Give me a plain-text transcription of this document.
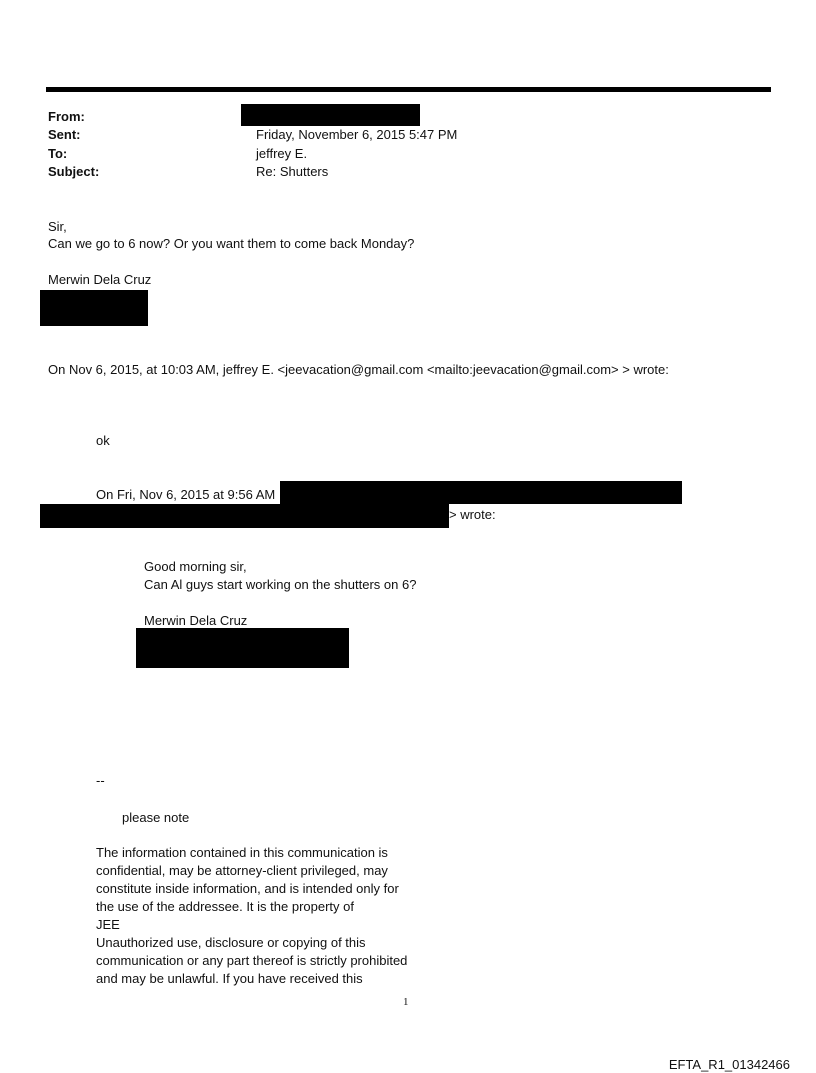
From:
Sent:	Friday, November 6, 2015 5:47 PM
To:	jeffrey E.
Subject:	Re: Shutters
Sir,
Can we go to 6 now? Or you want them to come back Monday?
Merwin Dela Cruz
On Nov 6, 2015, at 10:03 AM, jeffrey E. <jeevacation@gmail.com <mailto:jeevacation@gmail.com> > wrote:
ok
On Fri, Nov 6, 2015 at 9:56 AM
> wrote:
Good morning sir,
Can Al guys start working on the shutters on 6?
Merwin Dela Cruz
--
please note
The information contained in this communication is
confidential, may be attorney-client privileged, may
constitute inside information, and is intended only for
the use of the addressee. It is the property of
JEE
Unauthorized use, disclosure or copying of this
communication or any part thereof is strictly prohibited
and may be unlawful. If you have received this
1
EFTA_R1_01342466
